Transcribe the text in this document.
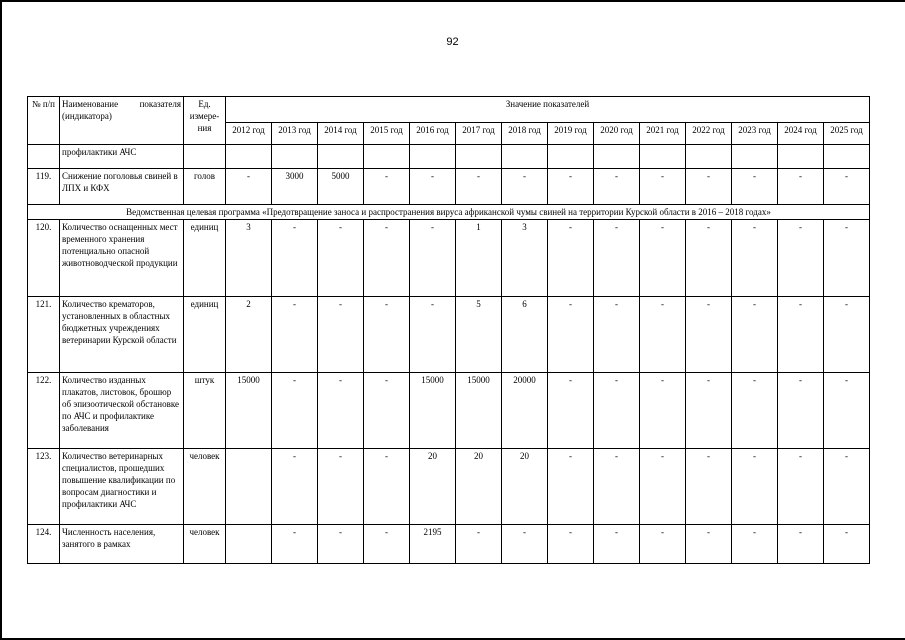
92
№ п/п	Наименование показателя (индикатора)	Ед. измере-ния	Значение показателей													
			2012 год	2013 год	2014 год	2015 год	2016 год	2017 год	2018 год	2019 год	2020 год	2021 год	2022 год	2023 год	2024 год	2025 год
	профилактики АЧС															
119.	Снижение поголовья свиней в ЛПХ и КФХ	голов	-	3000	5000	-	-	-	-	-	-	-	-	-	-	-
Ведомственная целевая программа «Предотвращение заноса и распространения вируса африканской чумы свиней на территории Курской области в 2016 – 2018 годах»																
120.	Количество оснащенных мест временного хранения потенциально опасной животноводческой продукции	единиц	3	-	-	-	-	1	3	-	-	-	-	-	-	-
121.	Количество крематоров, установленных в областных бюджетных учреждениях ветеринарии Курской области	единиц	2	-	-	-	-	5	6	-	-	-	-	-	-	-
122.	Количество изданных плакатов, листовок, брошюр об эпизоотической обстановке по АЧС и профилактике заболевания	штук	15000	-	-	-	15000	15000	20000	-	-	-	-	-	-	-
123.	Количество ветеринарных специалистов, прошедших повышение квалификации по вопросам диагностики и профилактики АЧС	человек		-	-	-	20	20	20	-	-	-	-	-	-	-
124.	Численность населения, занятого в рамках	человек		-	-	-	2195	-	-	-	-	-	-	-	-	-
